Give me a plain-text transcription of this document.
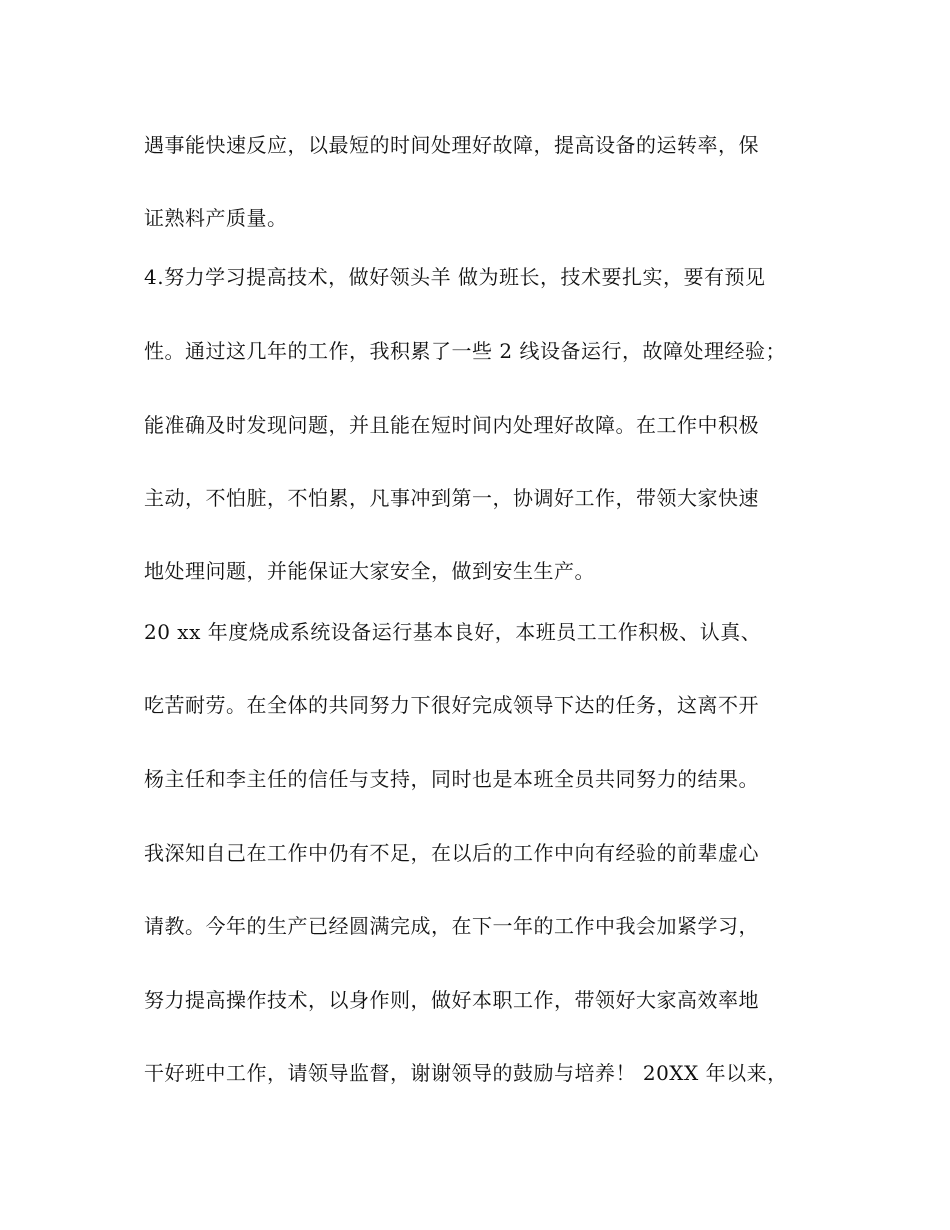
遇事能快速反应，以最短的时间处理好故障，提高设备的运转率，保
证熟料产质量。
4.努力学习提高技术，做好领头羊 做为班长，技术要扎实，要有预见
性。通过这几年的工作，我积累了一些 2 线设备运行，故障处理经验；
能准确及时发现问题，并且能在短时间内处理好故障。在工作中积极
主动，不怕脏，不怕累，凡事冲到第一，协调好工作，带领大家快速
地处理问题，并能保证大家安全，做到安生生产。
20 xx 年度烧成系统设备运行基本良好，本班员工工作积极、认真、
吃苦耐劳。在全体的共同努力下很好完成领导下达的任务，这离不开
杨主任和李主任的信任与支持，同时也是本班全员共同努力的结果。
我深知自己在工作中仍有不足，在以后的工作中向有经验的前辈虚心
请教。今年的生产已经圆满完成，在下一年的工作中我会加紧学习，
努力提高操作技术，以身作则，做好本职工作，带领好大家高效率地
干好班中工作，请领导监督，谢谢领导的鼓励与培养！ 20XX 年以来，
